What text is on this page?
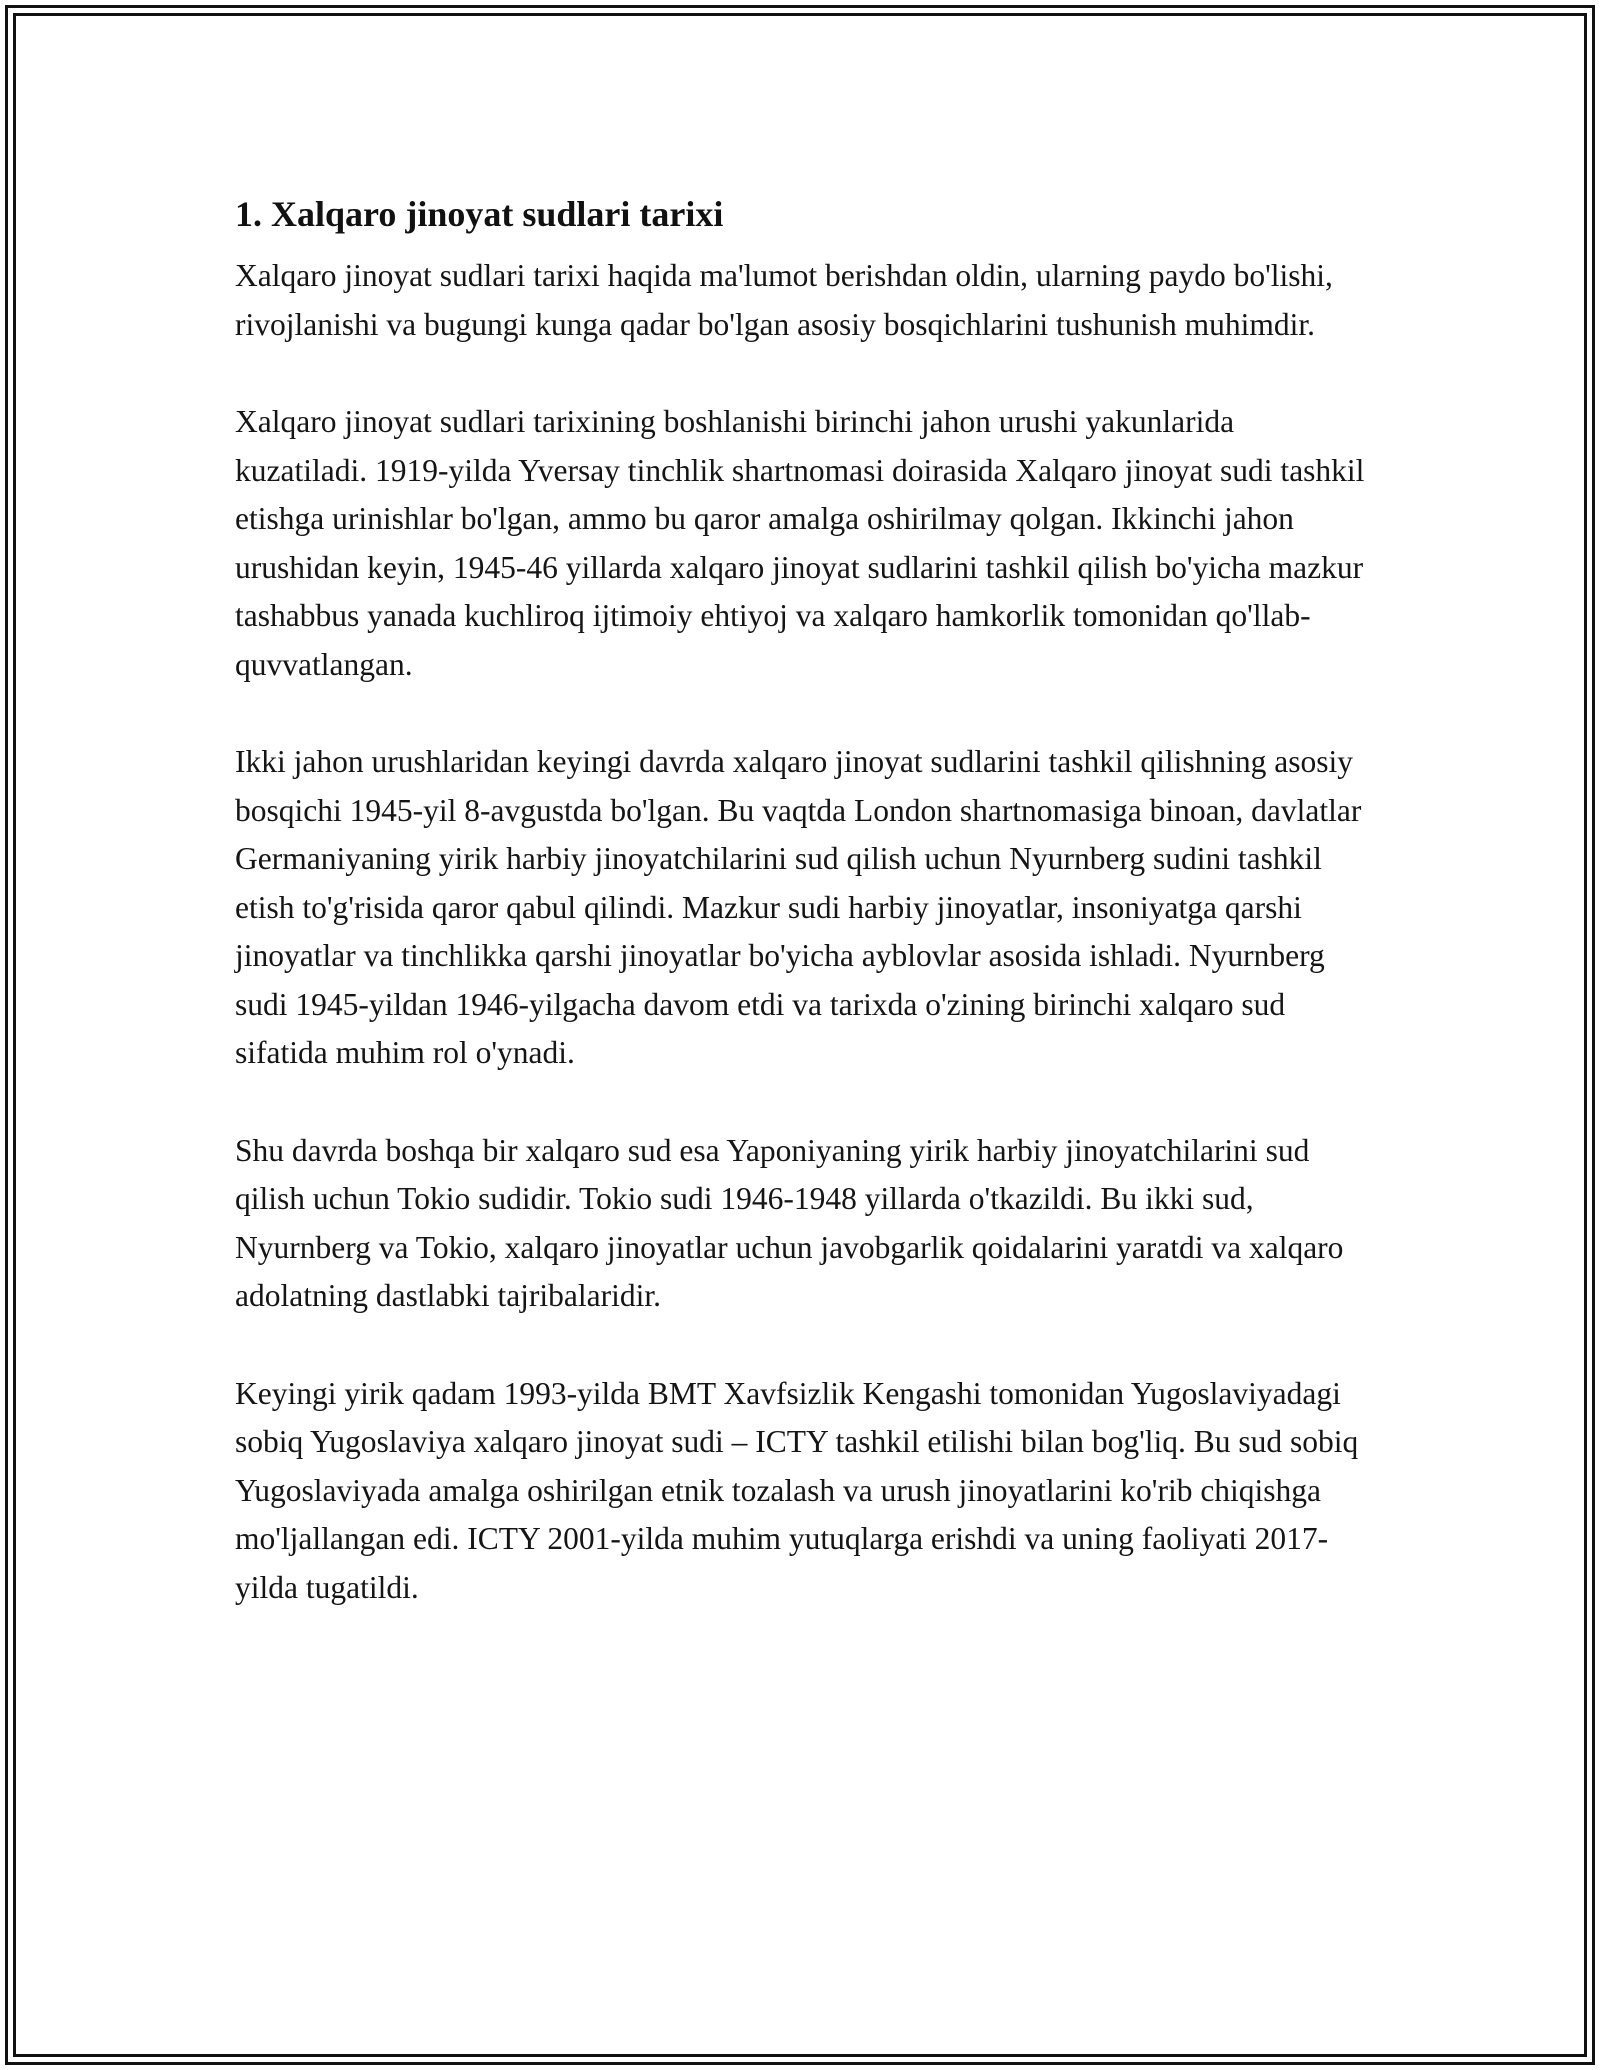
1. Xalqaro jinoyat sudlari tarixi

Xalqaro jinoyat sudlari tarixi haqida ma'lumot berishdan oldin, ularning paydo bo'lishi, rivojlanishi va bugungi kunga qadar bo'lgan asosiy bosqichlarini tushunish muhimdir.

Xalqaro jinoyat sudlari tarixining boshlanishi birinchi jahon urushi yakunlarida kuzatiladi. 1919-yilda Yversay tinchlik shartnomasi doirasida Xalqaro jinoyat sudi tashkil etishga urinishlar bo'lgan, ammo bu qaror amalga oshirilmay qolgan. Ikkinchi jahon urushidan keyin, 1945-46 yillarda xalqaro jinoyat sudlarini tashkil qilish bo'yicha mazkur tashabbus yanada kuchliroq ijtimoiy ehtiyoj va xalqaro hamkorlik tomonidan qo'llab-quvvatlangan.

Ikki jahon urushlaridan keyingi davrda xalqaro jinoyat sudlarini tashkil qilishning asosiy bosqichi 1945-yil 8-avgustda bo'lgan. Bu vaqtda London shartnomasiga binoan, davlatlar Germaniyaning yirik harbiy jinoyatchilarini sud qilish uchun Nyurnberg sudini tashkil etish to'g'risida qaror qabul qilindi. Mazkur sudi harbiy jinoyatlar, insoniyatga qarshi jinoyatlar va tinchlikka qarshi jinoyatlar bo'yicha ayblovlar asosida ishladi. Nyurnberg sudi 1945-yildan 1946-yilgacha davom etdi va tarixda o'zining birinchi xalqaro sud sifatida muhim rol o'ynadi.

Shu davrda boshqa bir xalqaro sud esa Yaponiyaning yirik harbiy jinoyatchilarini sud qilish uchun Tokio sudidir. Tokio sudi 1946-1948 yillarda o'tkazildi. Bu ikki sud, Nyurnberg va Tokio, xalqaro jinoyatlar uchun javobgarlik qoidalarini yaratdi va xalqaro adolatning dastlabki tajribalaridir.

Keyingi yirik qadam 1993-yilda BMT Xavfsizlik Kengashi tomonidan Yugoslaviyadagi sobiq Yugoslaviya xalqaro jinoyat sudi – ICTY tashkil etilishi bilan bog'liq. Bu sud sobiq Yugoslaviyada amalga oshirilgan etnik tozalash va urush jinoyatlarini ko'rib chiqishga mo'ljallangan edi. ICTY 2001-yilda muhim yutuqlarga erishdi va uning faoliyati 2017-yilda tugatildi.
